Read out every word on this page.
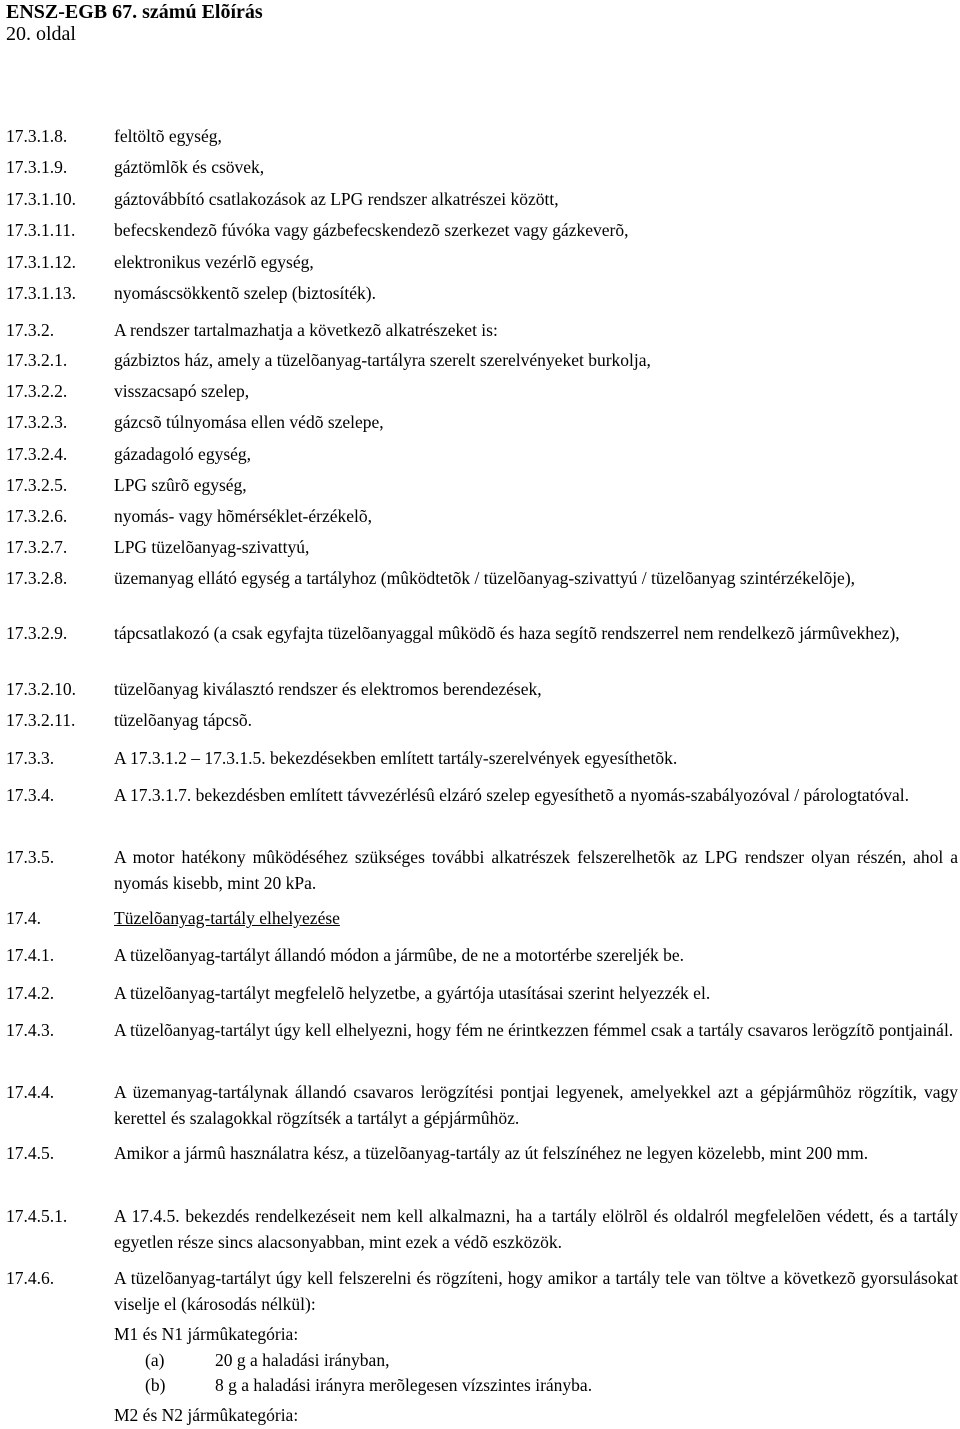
ENSZ-EGB 67. számú Elõírás
20. oldal
17.3.1.8.	feltöltõ egység,
17.3.1.9.	gáztömlõk és csövek,
17.3.1.10. gáztovábbító csatlakozások az LPG rendszer alkatrészei között,
17.3.1.11. befecskendezõ fúvóka vagy gázbefecskendezõ szerkezet vagy gázkeverõ,
17.3.1.12. elektronikus vezérlõ egység,
17.3.1.13. nyomáscsökkentõ szelep (biztosíték).
17.3.2.	A rendszer tartalmazhatja a következõ alkatrészeket is:
17.3.2.1.	gázbiztos ház, amely a tüzelõanyag-tartályra szerelt szerelvényeket burkolja,
17.3.2.2.	visszacsapó szelep,
17.3.2.3.	gázcsõ túlnyomása ellen védõ szelepe,
17.3.2.4.	gázadagoló egység,
17.3.2.5.	LPG szûrõ egység,
17.3.2.6.	nyomás- vagy hõmérséklet-érzékelõ,
17.3.2.7.	LPG tüzelõanyag-szivattyú,
17.3.2.8.	üzemanyag ellátó egység a tartályhoz (mûködtetõk / tüzelõanyag-szivattyú / tüzelõanyag szintérzékelõje),
17.3.2.9.	tápcsatlakozó (a csak egyfajta tüzelõanyaggal mûködõ és haza segítõ rendszerrel nem rendelkezõ jármûvekhez),
17.3.2.10. tüzelõanyag kiválasztó rendszer és elektromos berendezések,
17.3.2.11. tüzelõanyag tápcsõ.
17.3.3.	A 17.3.1.2 – 17.3.1.5. bekezdésekben említett tartály-szerelvények egyesíthetõk.
17.3.4.	A 17.3.1.7. bekezdésben említett távvezérlésû elzáró szelep egyesíthetõ a nyomás-szabályozóval / párologtatóval.
17.3.5.	A motor hatékony mûködéséhez szükséges további alkatrészek felszerelhetõk az LPG rendszer olyan részén, ahol a nyomás kisebb, mint 20 kPa.
17.4.	Tüzelõanyag-tartály elhelyezése
17.4.1.	A tüzelõanyag-tartályt állandó módon a jármûbe, de ne a motortérbe szereljék be.
17.4.2.	A tüzelõanyag-tartályt megfelelõ helyzetbe, a gyártója utasításai szerint helyezzék el.
17.4.3.	A tüzelõanyag-tartályt úgy kell elhelyezni, hogy fém ne érintkezzen fémmel csak a tartály csavaros lerögzítõ pontjainál.
17.4.4.	A üzemanyag-tartálynak állandó csavaros lerögzítési pontjai legyenek, amelyekkel azt a gépjármûhöz rögzítik, vagy kerettel és szalagokkal rögzítsék a tartályt a gépjármûhöz.
17.4.5.	Amikor a jármû használatra kész, a tüzelõanyag-tartály az út felszínéhez ne legyen közelebb, mint 200 mm.
17.4.5.1.	A 17.4.5. bekezdés rendelkezéseit nem kell alkalmazni, ha a tartály elölrõl és oldalról megfelelõen védett, és a tartály egyetlen része sincs alacsonyabban, mint ezek a védõ eszközök.
17.4.6.	A tüzelõanyag-tartályt úgy kell felszerelni és rögzíteni, hogy amikor a tartály tele van töltve a következõ gyorsulásokat viselje el (károsodás nélkül):
M1 és N1 jármûkategória:
(a)	20 g a haladási irányban,
(b)	8 g a haladási irányra merõlegesen vízszintes irányba.
M2 és N2 jármûkategória:
